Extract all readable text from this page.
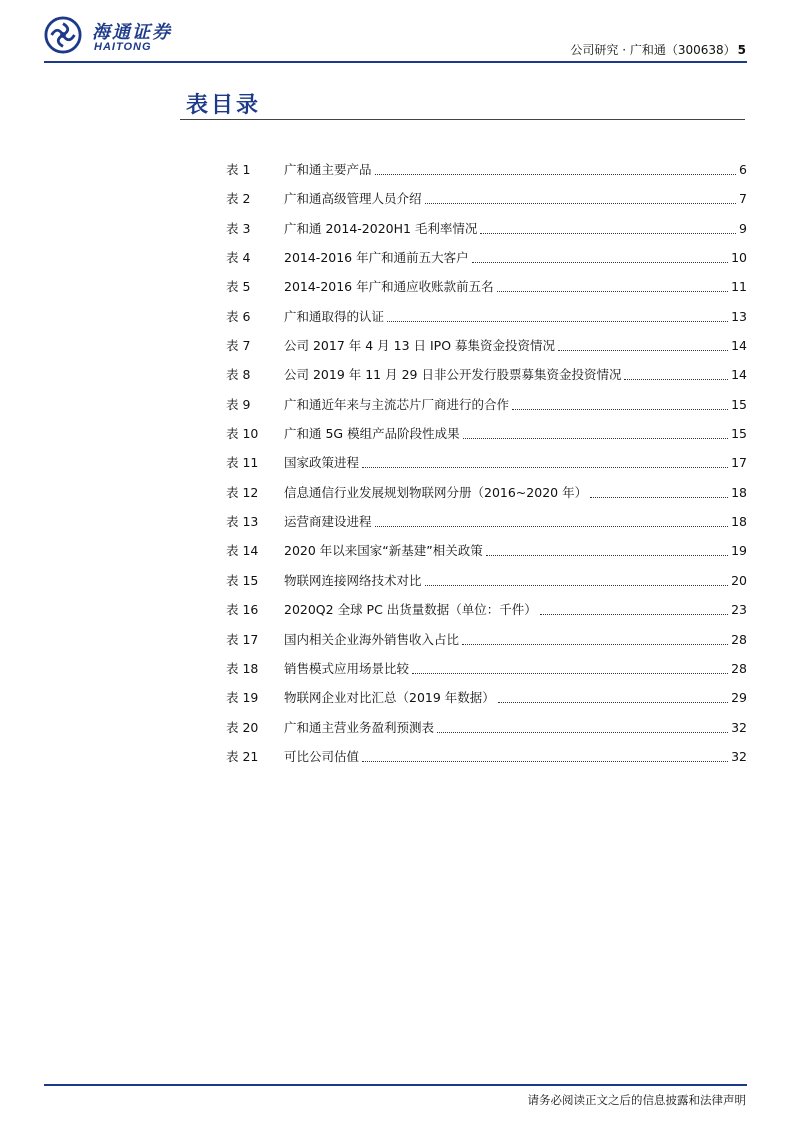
海通证券
HAITONG	公司研究 · 广和通（300638） 5
表目录
表 1	广和通主要产品	6
表 2	广和通高级管理人员介绍	7
表 3	广和通 2014-2020H1 毛利率情况	9
表 4	2014-2016 年广和通前五大客户	10
表 5	2014-2016 年广和通应收账款前五名	11
表 6	广和通取得的认证	13
表 7	公司 2017 年 4 月 13 日 IPO 募集资金投资情况	14
表 8	公司 2019 年 11 月 29 日非公开发行股票募集资金投资情况	14
表 9	广和通近年来与主流芯片厂商进行的合作	15
表 10	广和通 5G 模组产品阶段性成果	15
表 11	国家政策进程	17
表 12	信息通信行业发展规划物联网分册（2016~2020 年）	18
表 13	运营商建设进程	18
表 14	2020 年以来国家“新基建”相关政策	19
表 15	物联网连接网络技术对比	20
表 16	2020Q2 全球 PC 出货量数据（单位：千件）	23
表 17	国内相关企业海外销售收入占比	28
表 18	销售模式应用场景比较	28
表 19	物联网企业对比汇总（2019 年数据）	29
表 20	广和通主营业务盈利预测表	32
表 21	可比公司估值	32
请务必阅读正文之后的信息披露和法律声明
